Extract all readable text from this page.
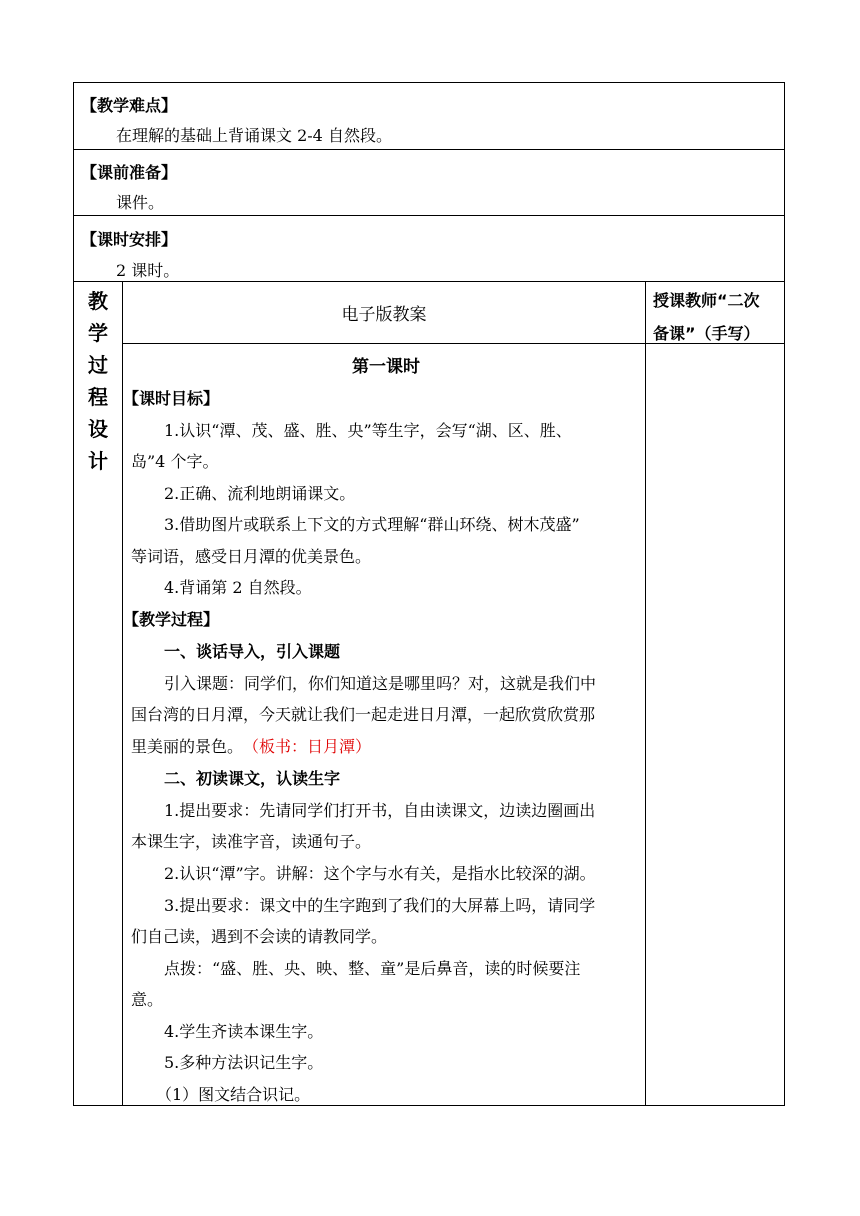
【教学难点】
在理解的基础上背诵课文 2-4 自然段。
【课前准备】
课件。
【课时安排】
2 课时。
教
学
过
程
设
计
电子版教案
授课教师“二次
备课”（手写）
第一课时
【课时目标】
1.认识“潭、茂、盛、胜、央”等生字，会写“湖、区、胜、
岛”4 个字。
2.正确、流利地朗诵课文。
3.借助图片或联系上下文的方式理解“群山环绕、树木茂盛”
等词语，感受日月潭的优美景色。
4.背诵第 2 自然段。
【教学过程】
一、谈话导入，引入课题
引入课题：同学们，你们知道这是哪里吗？对，这就是我们中
国台湾的日月潭，今天就让我们一起走进日月潭，一起欣赏欣赏那
里美丽的景色。 （板书：日月潭）
二、初读课文，认读生字
1.提出要求：先请同学们打开书，自由读课文，边读边圈画出
本课生字，读准字音，读通句子。
2.认识“潭”字。讲解：这个字与水有关，是指水比较深的湖。
3.提出要求：课文中的生字跑到了我们的大屏幕上吗，请同学
们自己读，遇到不会读的请教同学。
点拨：“盛、胜、央、映、整、童”是后鼻音，读的时候要注
意。
4.学生齐读本课生字。
5.多种方法识记生字。
（1）图文结合识记。
